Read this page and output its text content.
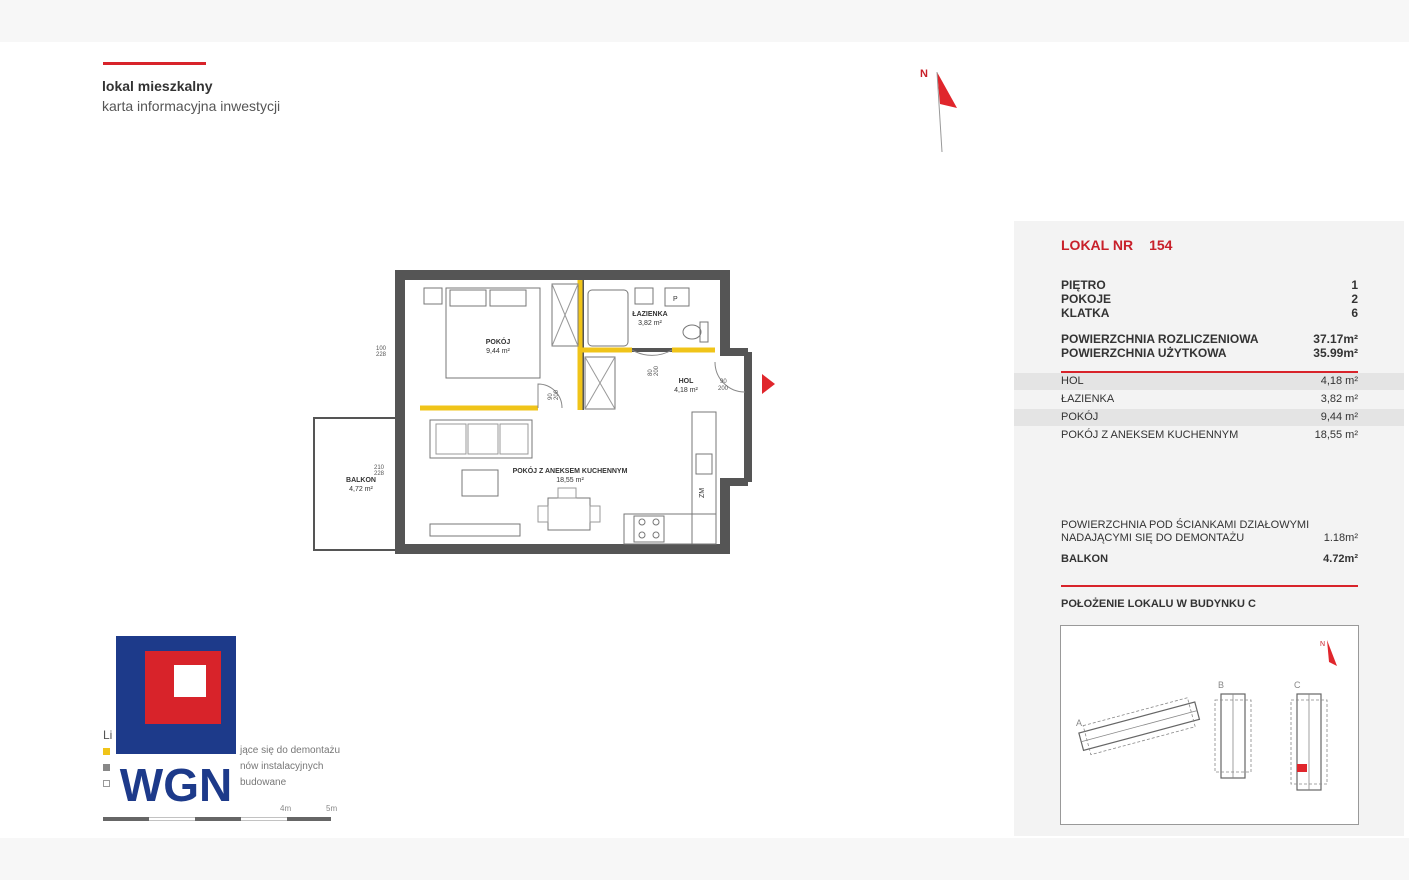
lokal mieszkalny
karta informacyjna inwestycji
N
P
ZM
POKÓJ
9,44 m²
ŁAZIENKA
3,82 m²
HOL
4,18 m²
POKÓJ Z ANEKSEM KUCHENNYM
18,55 m²
BALKON
4,72 m²
100
228
90
200
80 200
90 200
210
228
LOKAL NR 154
PIĘTRO	1
POKOJE	2
KLATKA	6
POWIERZCHNIA ROZLICZENIOWA	37.17m²
POWIERZCHNIA UŻYTKOWA	35.99m²
HOL	4,18 m²
ŁAZIENKA	3,82 m²
POKÓJ	9,44 m²
POKÓJ Z ANEKSEM KUCHENNYM	18,55 m²
POWIERZCHNIA POD ŚCIANKAMI DZIAŁOWYMI
NADAJĄCYMI SIĘ DO DEMONTAŻU	1.18m²
BALKON	4.72m²
POŁOŻENIE LOKALU W BUDYNKU C
A
B	C
N
Li
jące się do demontażu
nów instalacyjnych
budowane
4m	5m
WGN
